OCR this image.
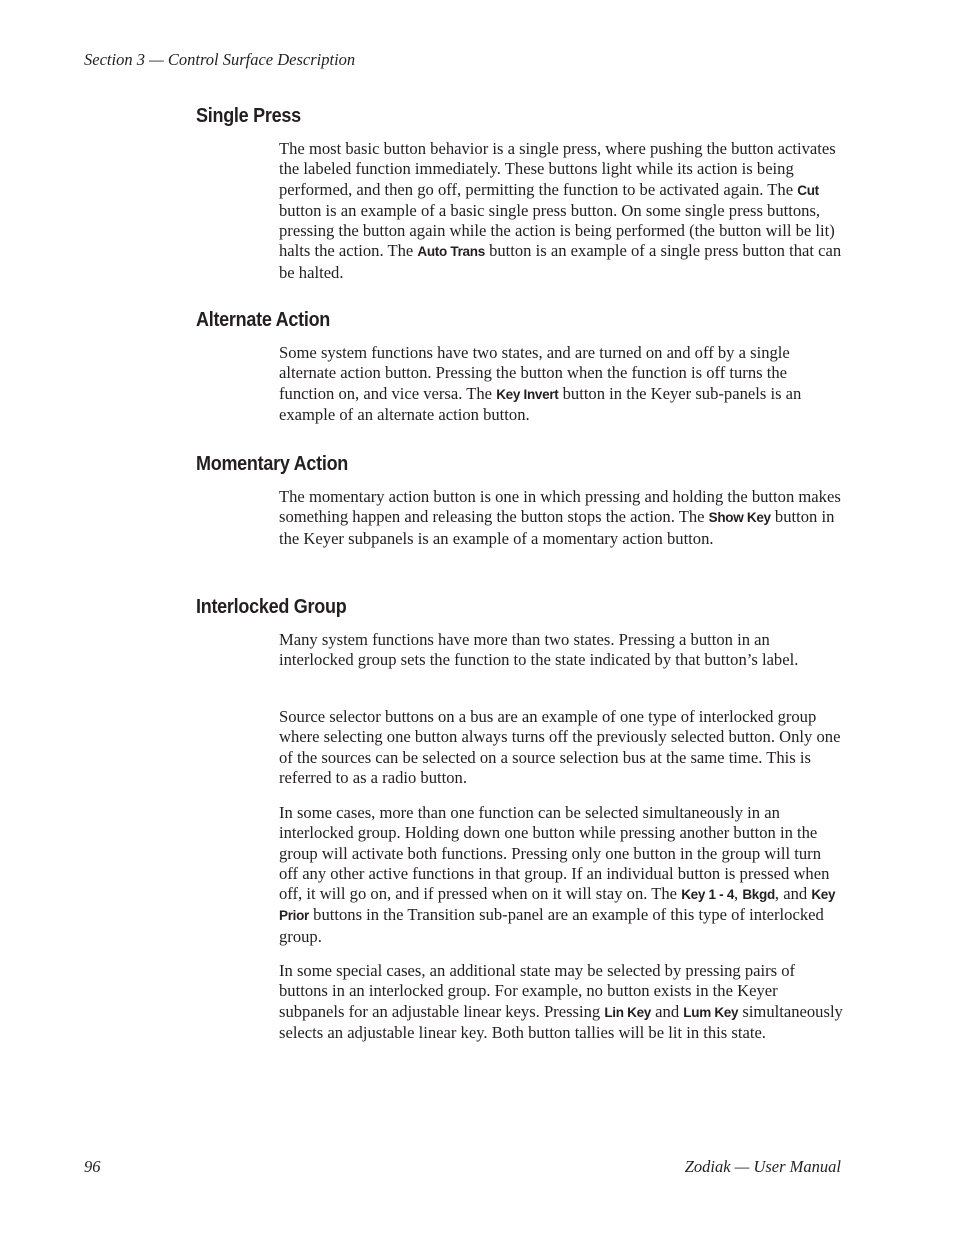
Section 3 — Control Surface Description
Single Press

The most basic button behavior is a single press, where pushing the button activates the labeled function immediately. These buttons light while its action is being performed, and then go off, permitting the function to be activated again. The Cut button is an example of a basic single press button. On some single press buttons, pressing the button again while the action is being performed (the button will be lit) halts the action. The Auto Trans button is an example of a single press button that can be halted.

Alternate Action

Some system functions have two states, and are turned on and off by a single alternate action button. Pressing the button when the function is off turns the function on, and vice versa. The Key Invert button in the Keyer sub-panels is an example of an alternate action button.

Momentary Action

The momentary action button is one in which pressing and holding the button makes something happen and releasing the button stops the action. The Show Key button in the Keyer subpanels is an example of a momentary action button.

Interlocked Group

Many system functions have more than two states. Pressing a button in an interlocked group sets the function to the state indicated by that button’s label.

Source selector buttons on a bus are an example of one type of interlocked group where selecting one button always turns off the previously selected button. Only one of the sources can be selected on a source selection bus at the same time. This is referred to as a radio button.

In some cases, more than one function can be selected simultaneously in an interlocked group. Holding down one button while pressing another button in the group will activate both functions. Pressing only one button in the group will turn off any other active functions in that group. If an individual button is pressed when off, it will go on, and if pressed when on it will stay on. The Key 1 - 4, Bkgd, and Key Prior buttons in the Transition sub-panel are an example of this type of interlocked group.

In some special cases, an additional state may be selected by pressing pairs of buttons in an interlocked group. For example, no button exists in the Keyer subpanels for an adjustable linear keys. Pressing Lin Key and Lum Key simultaneously selects an adjustable linear key. Both button tallies will be lit in this state.

96	Zodiak — User Manual
